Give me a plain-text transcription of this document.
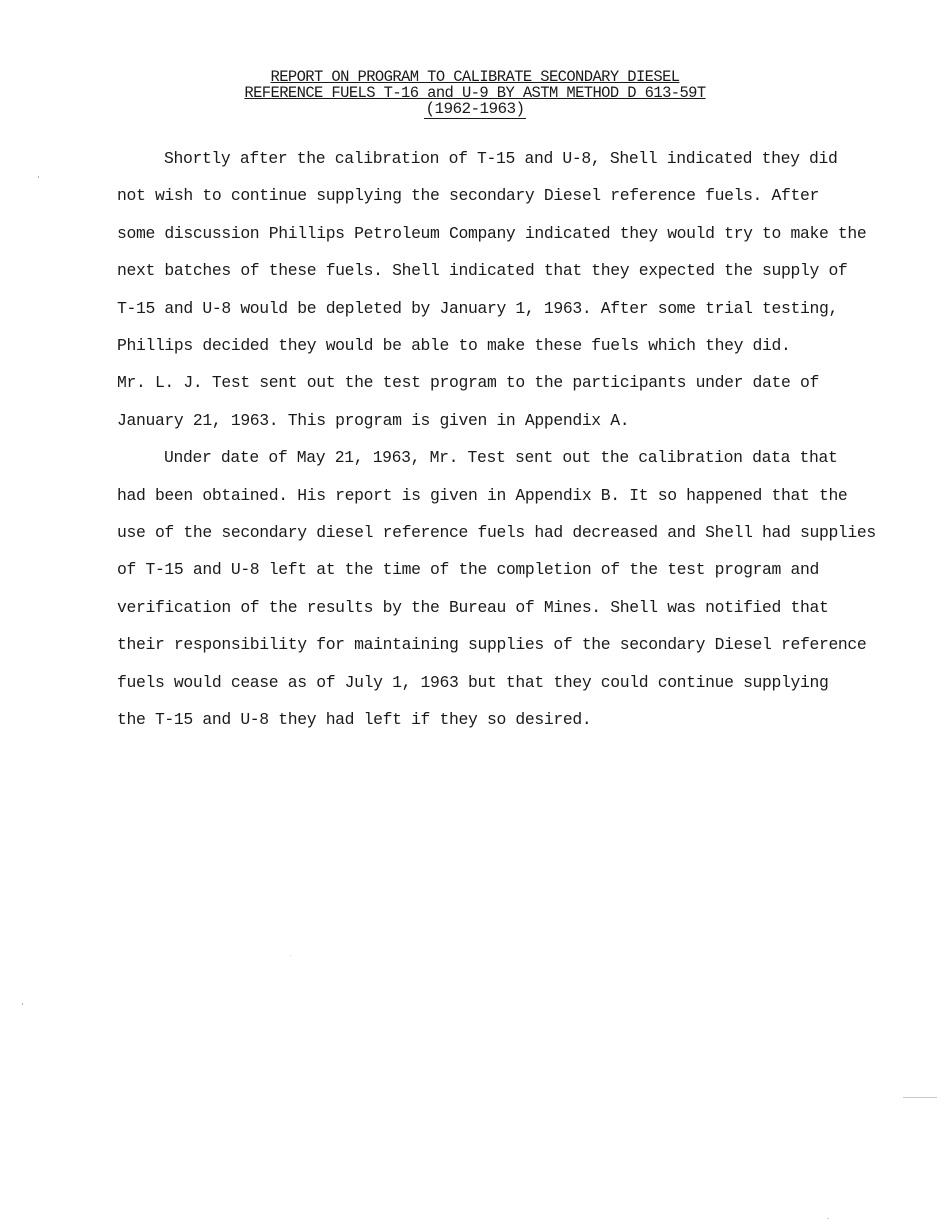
REPORT ON PROGRAM TO CALIBRATE SECONDARY DIESEL
REFERENCE FUELS T-16 and U-9 BY ASTM METHOD D 613-59T
(1962-1963)

Shortly after the calibration of T-15 and U-8, Shell indicated they did
not wish to continue supplying the secondary Diesel reference fuels. After
some discussion Phillips Petroleum Company indicated they would try to make the
next batches of these fuels. Shell indicated that they expected the supply of
T-15 and U-8 would be depleted by January 1, 1963. After some trial testing,
Phillips decided they would be able to make these fuels which they did.
Mr. L. J. Test sent out the test program to the participants under date of
January 21, 1963. This program is given in Appendix A.

Under date of May 21, 1963, Mr. Test sent out the calibration data that
had been obtained. His report is given in Appendix B. It so happened that the
use of the secondary diesel reference fuels had decreased and Shell had supplies
of T-15 and U-8 left at the time of the completion of the test program and
verification of the results by the Bureau of Mines. Shell was notified that
their responsibility for maintaining supplies of the secondary Diesel reference
fuels would cease as of July 1, 1963 but that they could continue supplying
the T-15 and U-8 they had left if they so desired.
